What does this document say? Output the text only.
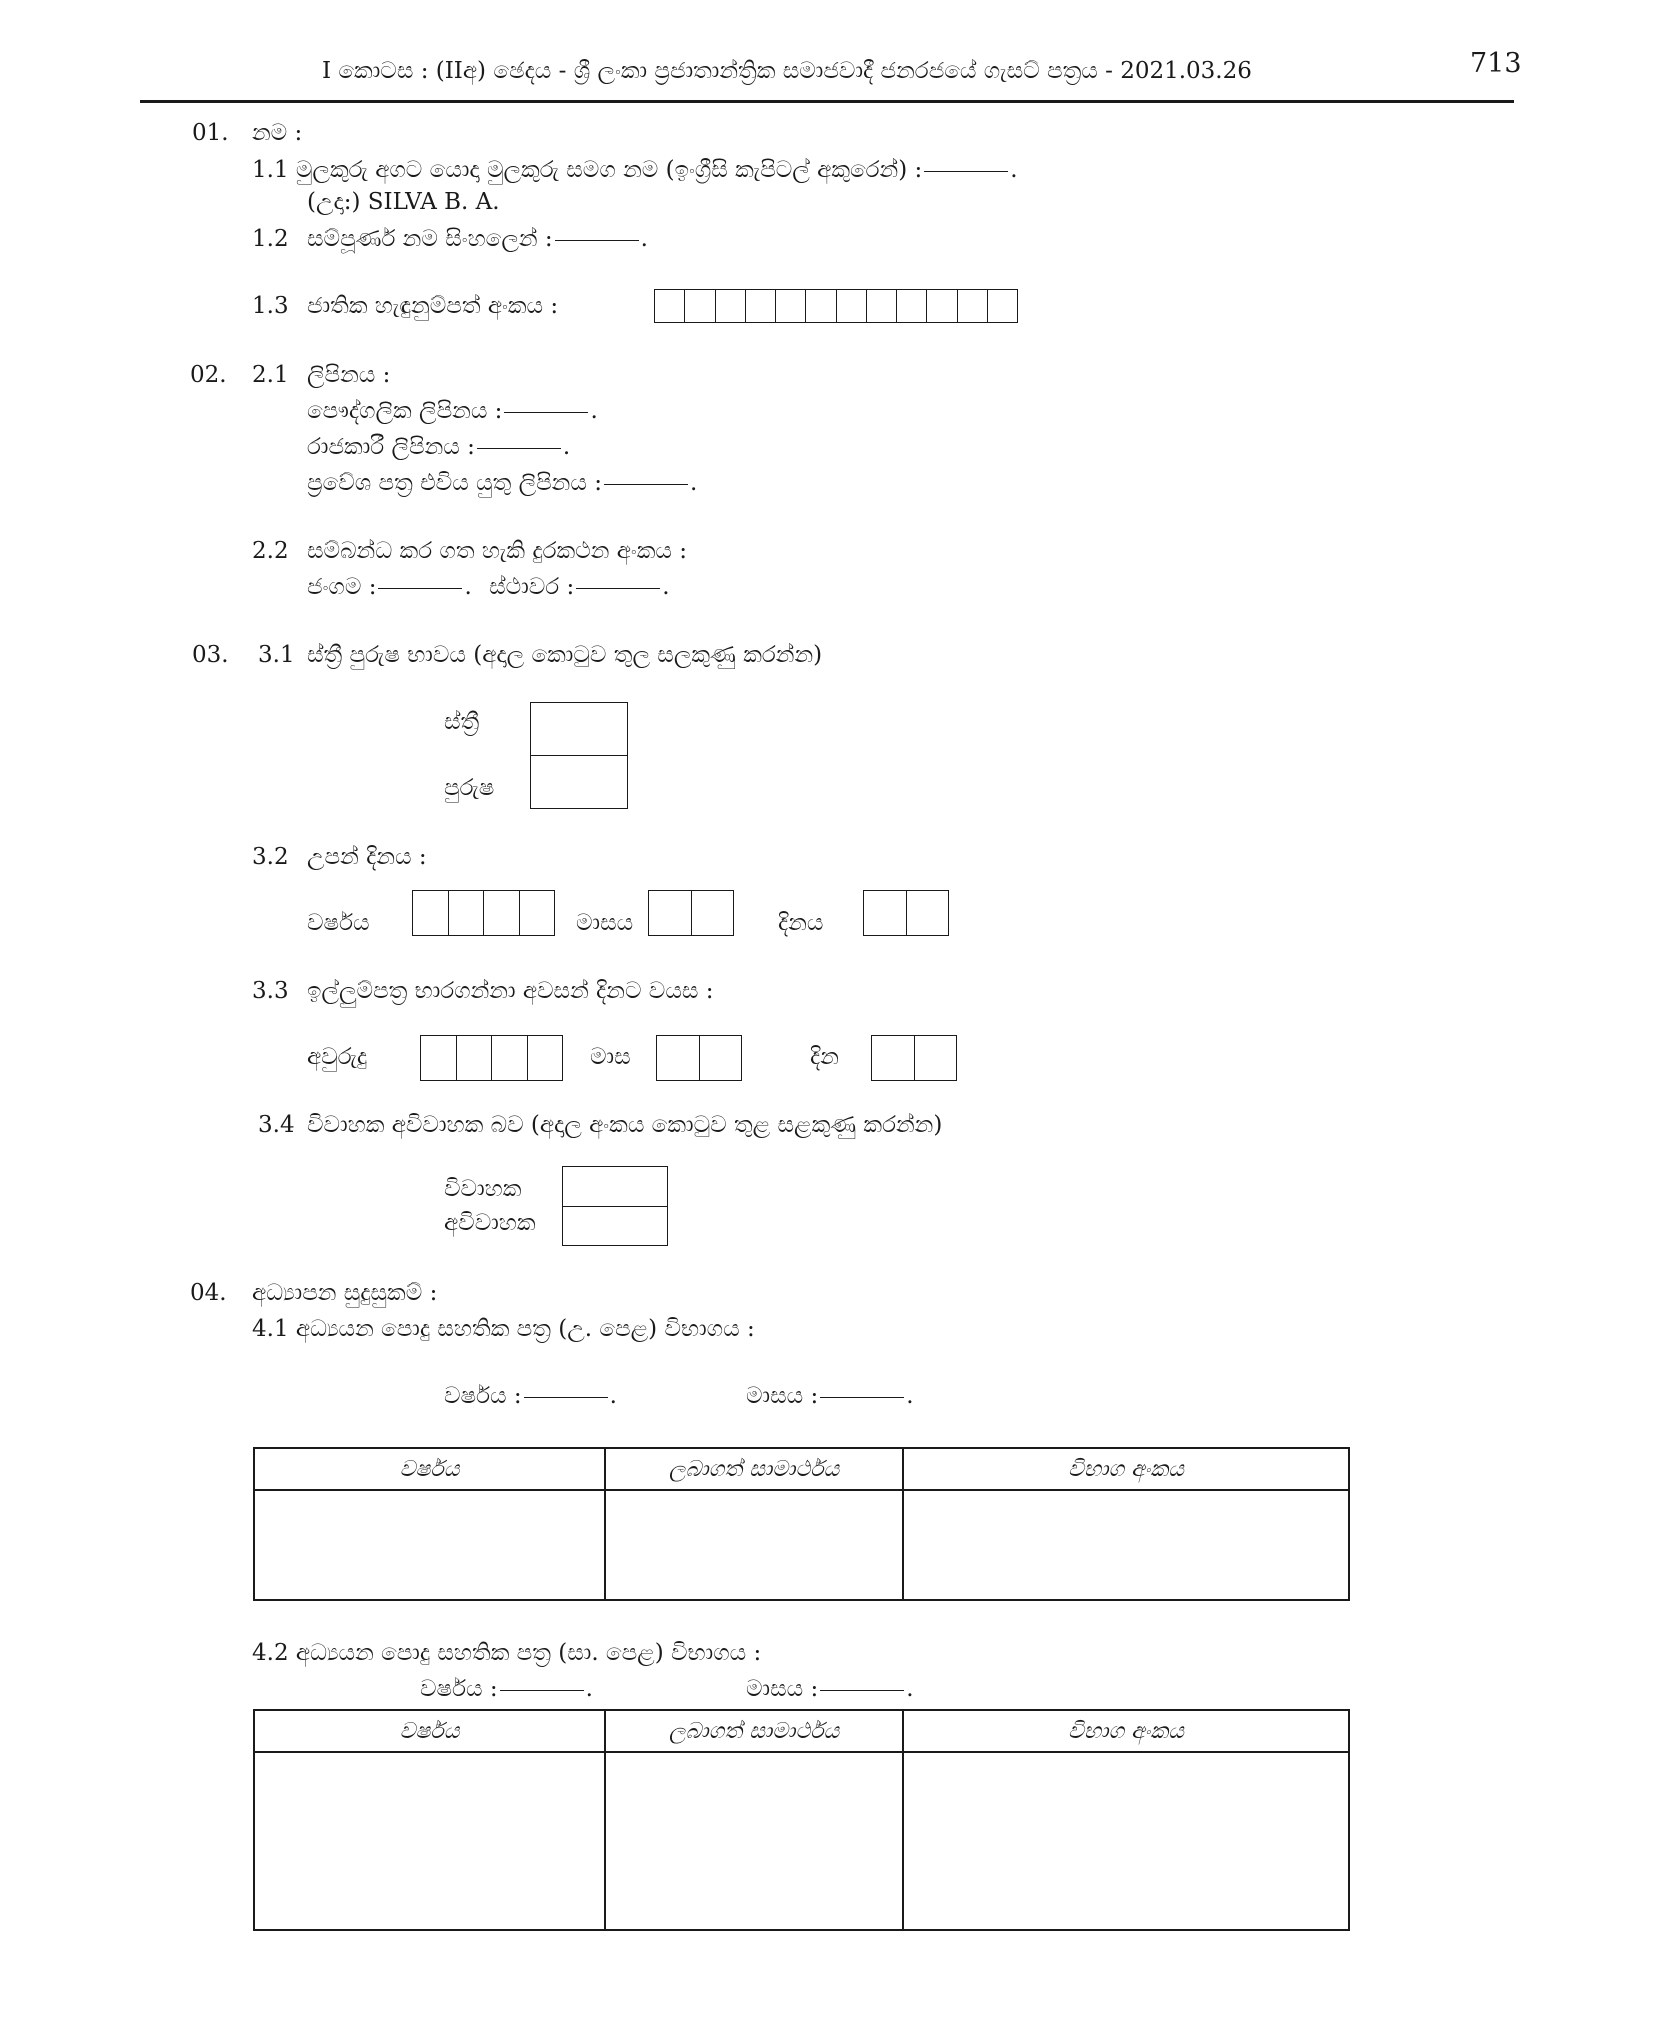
I කොටස : (IIඅ) ඡෙදය - ශ්‍රී ලංකා ප්‍රජාතාන්ත්‍රික සමාජවාදී ජනරජයේ ගැසට් පත්‍රය - 2021.03.26	713
01. නම :
1.1 මුලකුරු අගට යොදා මුලකුරු සමග නම (ඉංග්‍රීසි කැපිටල් අකුරෙන්) :	.
(උදා:) SILVA B. A.
1.2 සම්පූර්ණ නම සිංහලෙන් :	.
1.3 ජාතික හැඳුනුම්පත් අංකය :
02. 2.1 ලිපිනය :
පෞද්ගලික ලිපිනය :	.
රාජකාරී ලිපිනය :	.
ප්‍රවේශ පත්‍ර එවිය යුතු ලිපිනය :	.
2.2 සම්බන්ධ කර ගත හැකි දුරකථන අංකය :
ජංගම :	. ස්ථාවර :	.
03. 3.1 ස්ත්‍රී පුරුෂ භාවය (අදාල කොටුව තුල සලකුණු කරන්න)
ස්ත්‍රී
පුරුෂ
3.2 උපන් දිනය :
වර්ෂය	මාසය	දිනය
3.3 ඉල්ලුම්පත්‍ර භාරගන්නා අවසන් දිනට වයස :
අවුරුදු	මාස	දින
3.4 විවාහක අවිවාහක බව (අදාල අංකය කොටුව තුළ සළකුණු කරන්න)
විවාහක
අවිවාහක
04. අධ්‍යාපන සුදුසුකම් :
4.1 අධ්‍යයන පොදු සහතික පත්‍ර (උ. පෙළ) විභාගය :
වර්ෂය :	.	මාසය :	.
වර්ෂය	ලබාගත් සාමාර්ථය	විභාග අංකය

4.2 අධ්‍යයන පොදු සහතික පත්‍ර (සා. පෙළ) විභාගය :
වර්ෂය :	.	මාසය :	.
වර්ෂය	ලබාගත් සාමාර්ථය	විභාග අංකය
